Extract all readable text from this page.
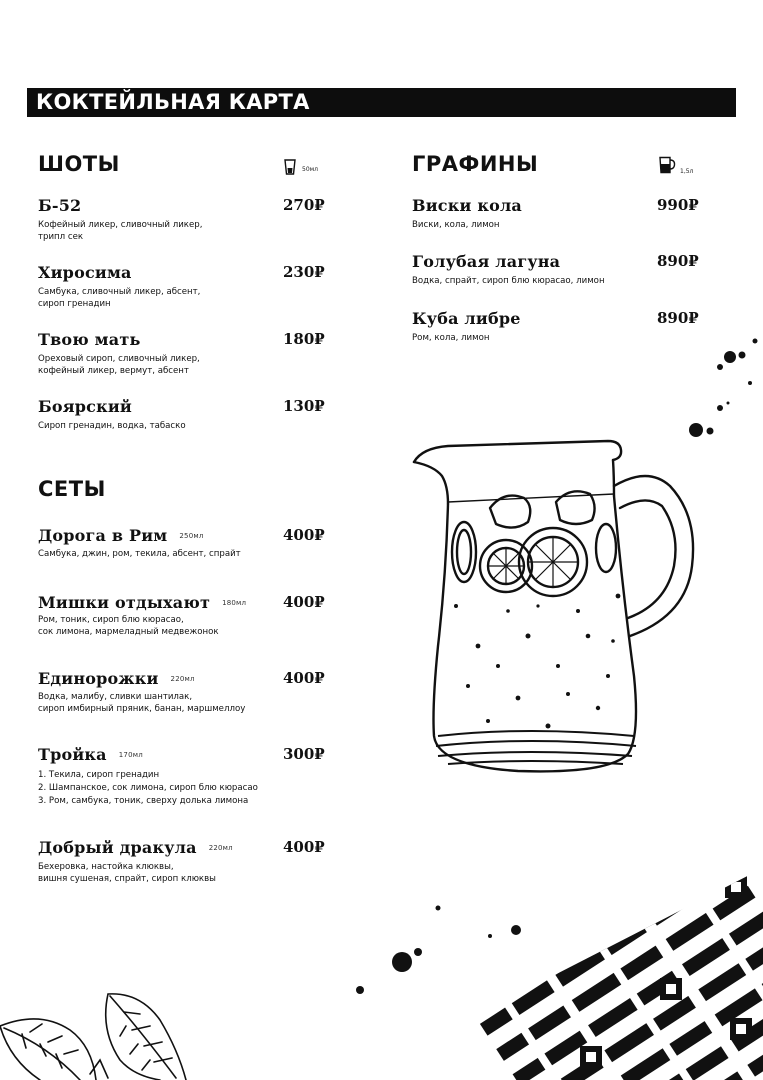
КОКТЕЙЛЬНАЯ КАРТА
ШОТЫ	50мл
Б-52	270₽
Кофейный ликер, сливочный ликер,
трипл сек
Хиросима	230₽
Самбука, сливочный ликер, абсент,
сироп гренадин
Твою мать	180₽
Ореховый сироп, сливочный ликер,
кофейный ликер, вермут, абсент
Боярский	130₽
Сироп гренадин, водка, табаско
СЕТЫ
Дорога в Рим 250мл	400₽
Самбука, джин, ром, текила, абсент, спрайт
Мишки отдыхают 180мл 400₽
Ром, тоник, сироп блю кюрасао,
сок лимона, мармеладный медвежонок
Единорожки 220мл	400₽
Водка, малибу, сливки шантилак,
сироп имбирный пряник, банан, маршмеллоу
Тройка 170мл	300₽
1. Текила, сироп гренадин
2. Шампанское, сок лимона, сироп блю кюрасао
3. Ром, самбука, тоник, сверху долька лимона
Добрый дракула 220мл	400₽
Бехеровка, настойка клюквы,
вишня сушеная, спрайт, сироп клюквы
ГРАФИНЫ	1,5л
Виски кола	990₽
Виски, кола, лимон
Голубая лагуна	890₽
Водка, спрайт, сироп блю кюрасао, лимон
Куба либре	890₽
Ром, кола, лимон
